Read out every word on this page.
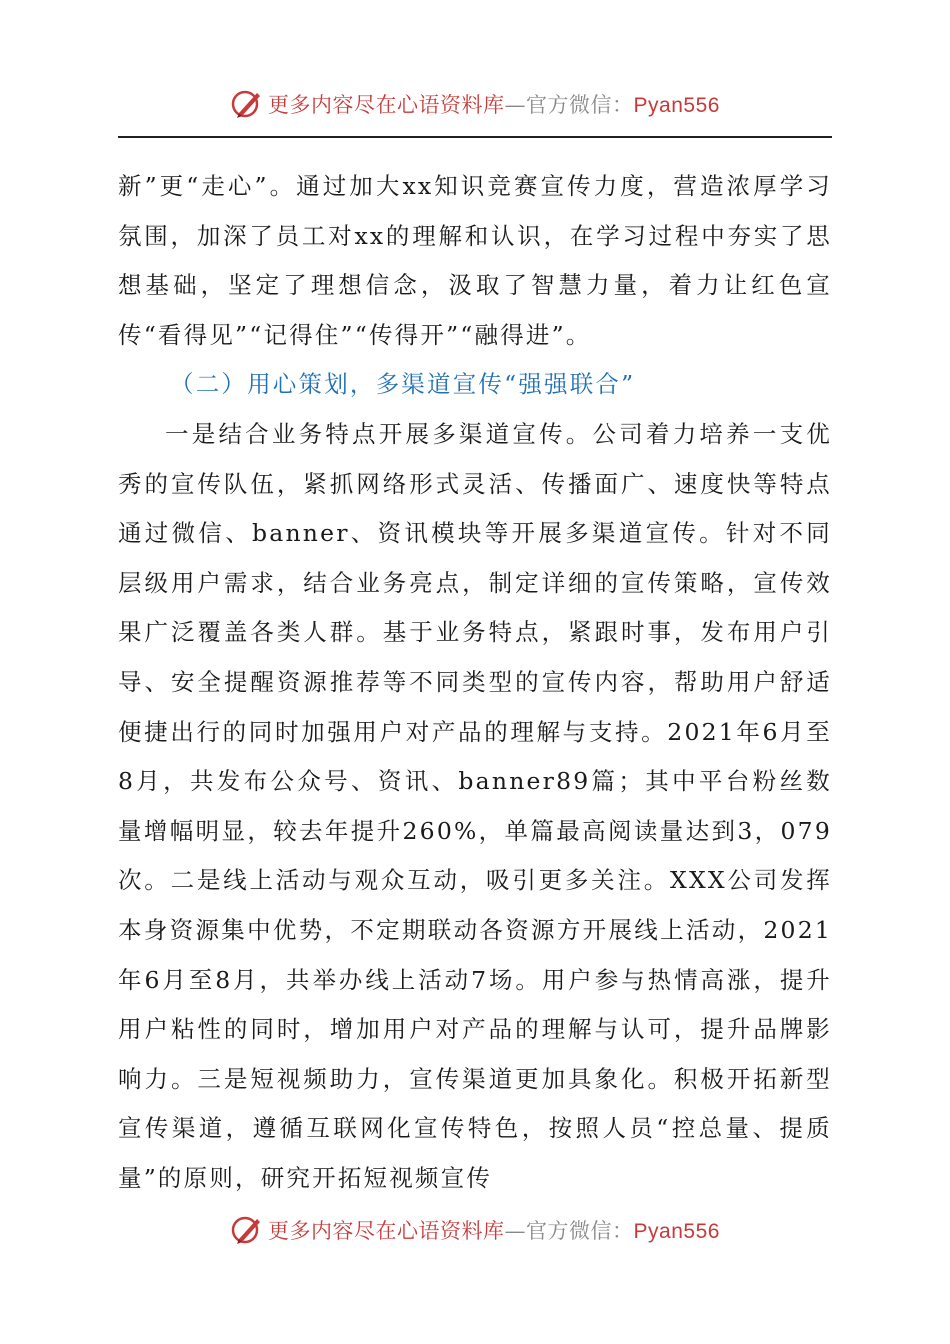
更多内容尽在心语资料库—官方微信：Pyan556

新”更“走心”。通过加大xx知识竞赛宣传力度，营造浓厚学习氛围，加深了员工对xx的理解和认识，在学习过程中夯实了思想基础，坚定了理想信念，汲取了智慧力量，着力让红色宣传“看得见”“记得住”“传得开”“融得进”。

（二）用心策划，多渠道宣传“强强联合”

一是结合业务特点开展多渠道宣传。公司着力培养一支优秀的宣传队伍，紧抓网络形式灵活、传播面广、速度快等特点通过微信、banner、资讯模块等开展多渠道宣传。针对不同层级用户需求，结合业务亮点，制定详细的宣传策略，宣传效果广泛覆盖各类人群。基于业务特点，紧跟时事，发布用户引导、安全提醒资源推荐等不同类型的宣传内容，帮助用户舒适便捷出行的同时加强用户对产品的理解与支持。2021年6月至8月，共发布公众号、资讯、banner89篇；其中平台粉丝数量增幅明显，较去年提升260%，单篇最高阅读量达到3，079次。二是线上活动与观众互动，吸引更多关注。XXX公司发挥本身资源集中优势，不定期联动各资源方开展线上活动，2021年6月至8月，共举办线上活动7场。用户参与热情高涨，提升用户粘性的同时，增加用户对产品的理解与认可，提升品牌影响力。三是短视频助力，宣传渠道更加具象化。积极开拓新型宣传渠道，遵循互联网化宣传特色，按照人员“控总量、提质量”的原则，研究开拓短视频宣传

更多内容尽在心语资料库—官方微信：Pyan556
